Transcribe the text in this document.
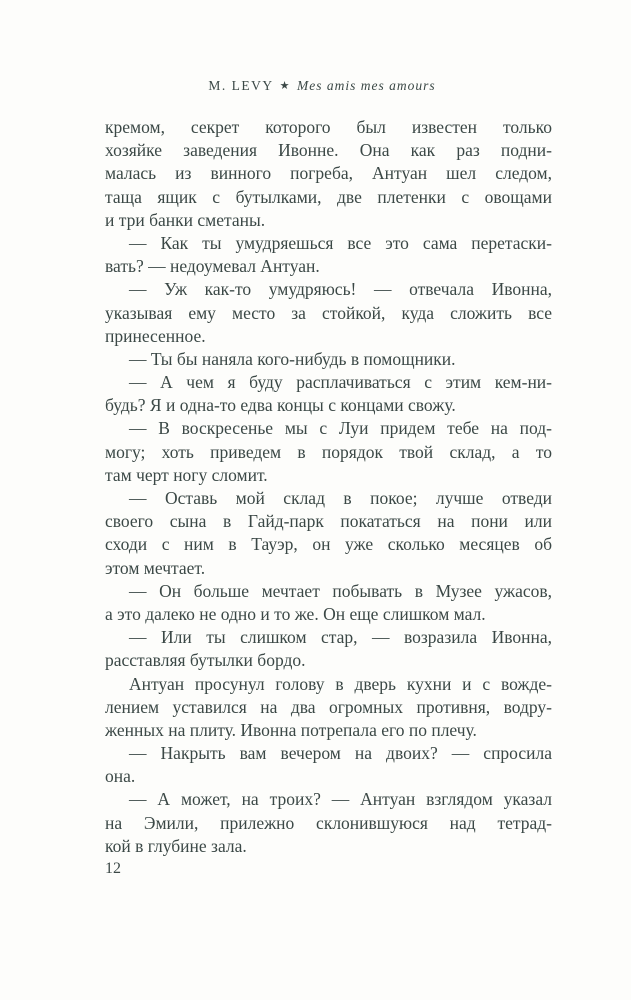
M. LEVY ★ Mes amis mes amours
кремом, секрет которого был известен только
хозяйке заведения Ивонне. Она как раз подни-
малась из винного погреба, Антуан шел следом,
таща ящик с бутылками, две плетенки с овощами
и три банки сметаны.
— Как ты умудряешься все это сама перетаски-
вать? — недоумевал Антуан.
— Уж как-то умудряюсь! — отвечала Ивонна,
указывая ему место за стойкой, куда сложить все
принесенное.
— Ты бы наняла кого-нибудь в помощники.
— А чем я буду расплачиваться с этим кем-ни-
будь? Я и одна-то едва концы с концами свожу.
— В воскресенье мы с Луи придем тебе на под-
могу; хоть приведем в порядок твой склад, а то
там черт ногу сломит.
— Оставь мой склад в покое; лучше отведи
своего сына в Гайд-парк покататься на пони или
сходи с ним в Тауэр, он уже сколько месяцев об
этом мечтает.
— Он больше мечтает побывать в Музее ужасов,
а это далеко не одно и то же. Он еще слишком мал.
— Или ты слишком стар, — возразила Ивонна,
расставляя бутылки бордо.
Антуан просунул голову в дверь кухни и с вожде-
лением уставился на два огромных противня, водру-
женных на плиту. Ивонна потрепала его по плечу.
— Накрыть вам вечером на двоих? — спросила
она.
— А может, на троих? — Антуан взглядом указал
на Эмили, прилежно склонившуюся над тетрад-
кой в глубине зала.
12
